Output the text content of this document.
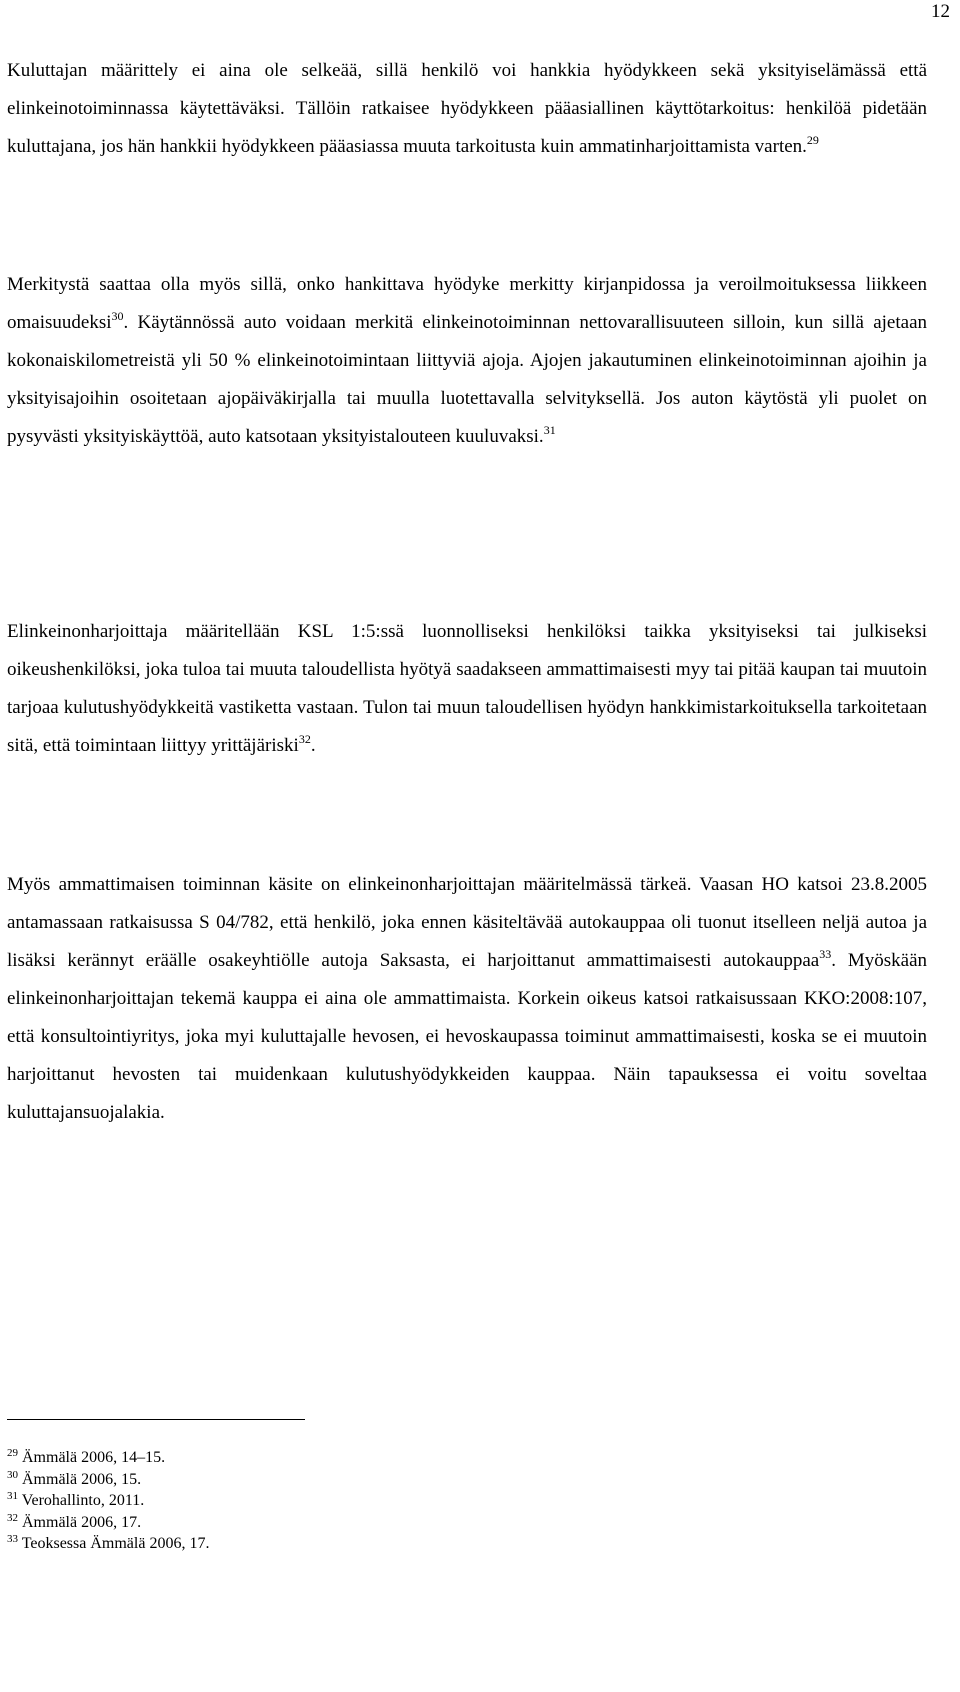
12

Kuluttajan määrittely ei aina ole selkeää, sillä henkilö voi hankkia hyödykkeen sekä yksityiselämässä että elinkeinotoiminnassa käytettäväksi. Tällöin ratkaisee hyödykkeen pääasiallinen käyttötarkoitus: henkilöä pidetään kuluttajana, jos hän hankkii hyödykkeen pääasiassa muuta tarkoitusta kuin ammatinharjoittamista varten.$^{29}$

Merkitystä saattaa olla myös sillä, onko hankittava hyödyke merkitty kirjanpidossa ja veroilmoituksessa liikkeen omaisuudeksi$^{30}$. Käytännössä auto voidaan merkitä elinkeinotoiminnan nettovarallisuuteen silloin, kun sillä ajetaan kokonaiskilometreistä yli 50 % elinkeinotoimintaan liittyviä ajoja. Ajojen jakautuminen elinkeinotoiminnan ajoihin ja yksityisajoihin osoitetaan ajopäiväkirjalla tai muulla luotettavalla selvityksellä. Jos auton käytöstä yli puolet on pysyvästi yksityiskäyttöä, auto katsotaan yksityistalouteen kuuluvaksi.$^{31}$

Elinkeinonharjoittaja määritellään KSL 1:5:ssä luonnolliseksi henkilöksi taikka yksityiseksi tai julkiseksi oikeushenkilöksi, joka tuloa tai muuta taloudellista hyötyä saadakseen ammattimaisesti myy tai pitää kaupan tai muutoin tarjoaa kulutushyödykkeitä vastiketta vastaan. Tulon tai muun taloudellisen hyödyn hankkimistarkoituksella tarkoitetaan sitä, että toimintaan liittyy yrittäjäriski$^{32}$.

Myös ammattimaisen toiminnan käsite on elinkeinonharjoittajan määritelmässä tärkeä. Vaasan HO katsoi 23.8.2005 antamassaan ratkaisussa S 04/782, että henkilö, joka ennen käsiteltävää autokauppaa oli tuonut itselleen neljä autoa ja lisäksi kerännyt eräälle osakeyhtiölle autoja Saksasta, ei harjoittanut ammattimaisesti autokauppaa$^{33}$. Myöskään elinkeinonharjoittajan tekemä kauppa ei aina ole ammattimaista. Korkein oikeus katsoi ratkaisussaan KKO:2008:107, että konsultointiyritys, joka myi kuluttajalle hevosen, ei hevoskaupassa toiminut ammattimaisesti, koska se ei muutoin harjoittanut hevosten tai muidenkaan kulutushyödykkeiden kauppaa. Näin tapauksessa ei voitu soveltaa kuluttajansuojalakia.

$^{29}$ Ämmälä 2006, 14–15.
$^{30}$ Ämmälä 2006, 15.
$^{31}$ Verohallinto, 2011.
$^{32}$ Ämmälä 2006, 17.
$^{33}$ Teoksessa Ämmälä 2006, 17.
